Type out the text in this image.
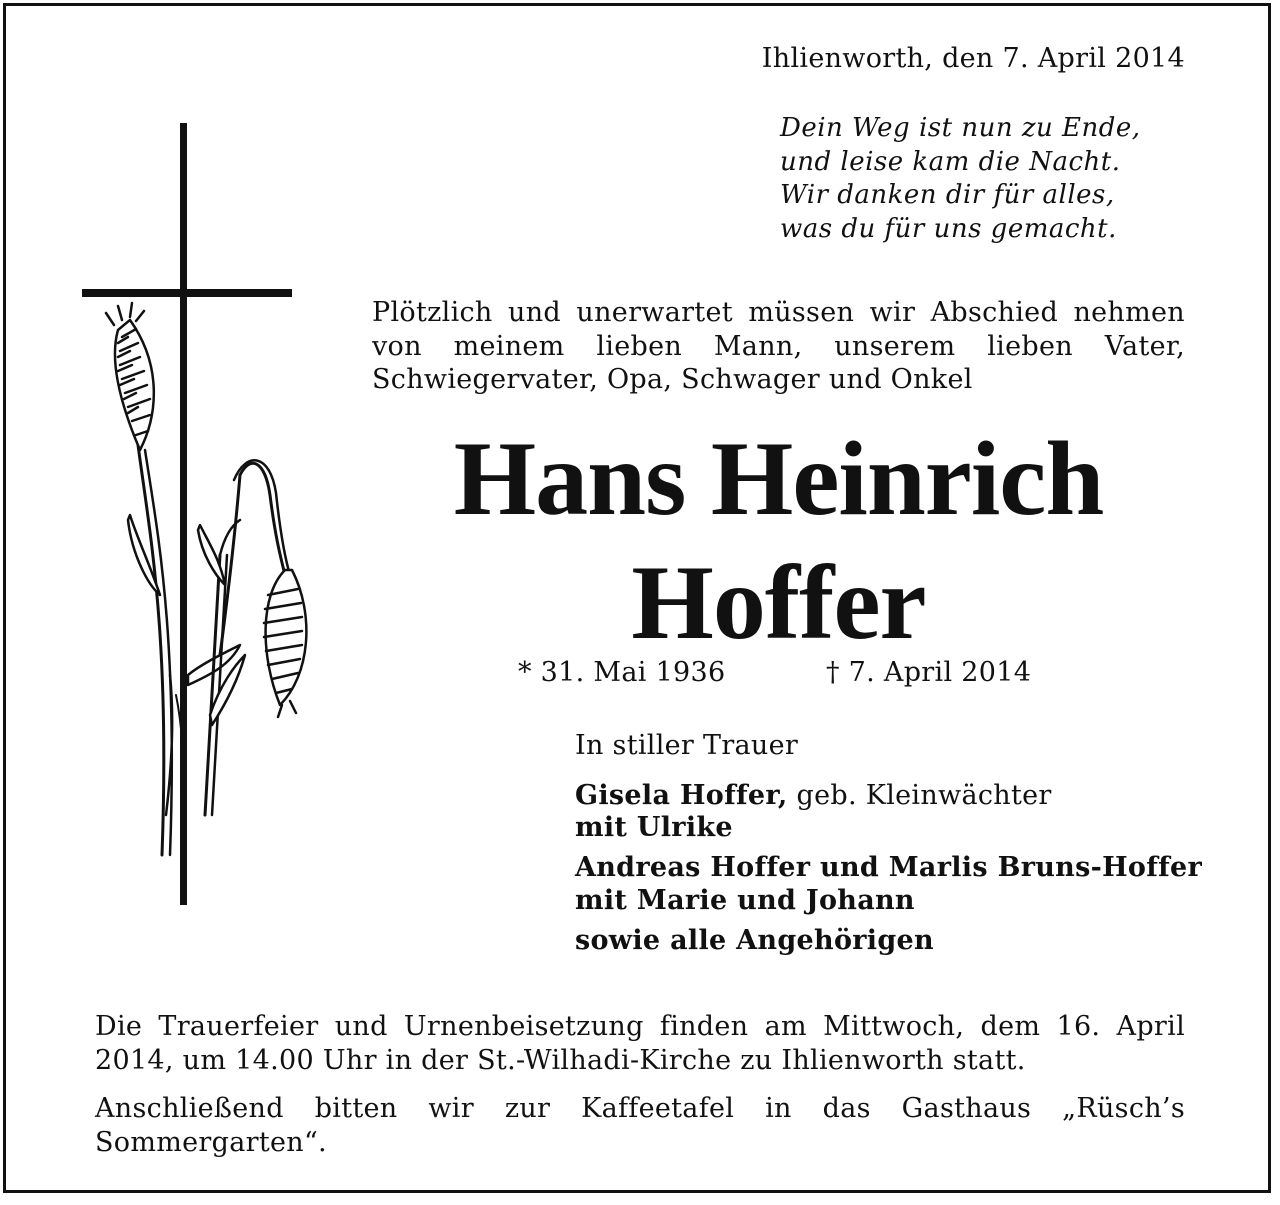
Ihlienworth, den 7. April 2014
Dein Weg ist nun zu Ende,
und leise kam die Nacht.
Wir danken dir für alles,
was du für uns gemacht.
Plötzlich und unerwartet müssen wir Abschied nehmen von meinem lieben Mann, unserem lieben Vater, Schwiegervater, Opa, Schwager und Onkel
Hans Heinrich
Hoffer
* 31. Mai 1936	† 7. April 2014
In stiller Trauer
Gisela Hoffer, geb. Kleinwächter
mit Ulrike
Andreas Hoffer und Marlis Bruns-Hoffer
mit Marie und Johann
sowie alle Angehörigen
Die Trauerfeier und Urnenbeisetzung finden am Mittwoch, dem 16. April 2014, um 14.00 Uhr in der St.-Wilhadi-Kirche zu Ihlienworth statt.
Anschließend bitten wir zur Kaffeetafel in das Gasthaus „Rüsch’s Sommergarten“.
